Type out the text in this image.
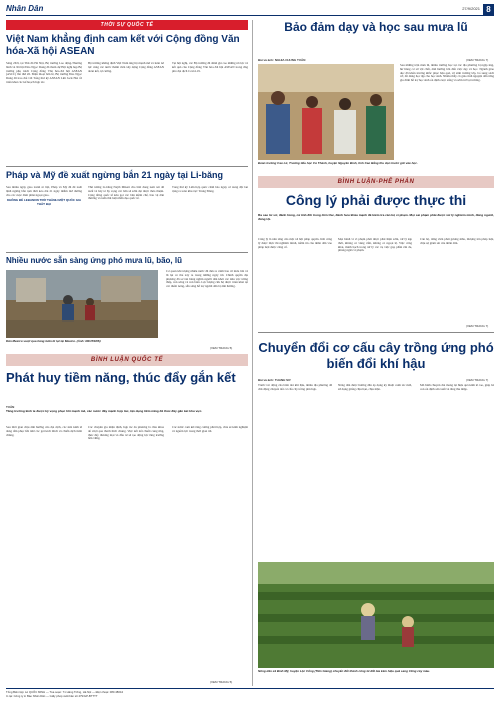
Nhân Dân	27/9/2021 8
THỜI SỰ QUỐC TẾ
Việt Nam khẳng định cam kết với Cộng đồng Văn hóa-Xã hội ASEAN
Sáng 26/9, tại Thủ đô Hà Nội, Bộ trưởng Lao động-Thương binh và Xã hội Đào Ngọc Dung đã tham dự Hội nghị hẹp Bộ trưởng phụ trách Cộng đồng Văn hóa-Xã hội ASEAN (ASCC) lần thứ 26. Điện thoại bên lề, Bộ trưởng Đào Ngọc Dung đã trao đổi với Tổng thư ký ASEAN Lim Jock Hoi về triển khai các kế hoạch hợp tác.
Bộ trưởng khẳng định Việt Nam ủng hộ mạnh mẽ và luôn nỗ lực cùng các nước thành viên xây dựng Cộng đồng ASEAN đoàn kết, tự cường.
Tại hội nghị, các Bộ trưởng đã đánh giá cao những nỗ lực và kết quả của Cộng đồng Văn hóa-Xã hội ASEAN trong ứng phó đại dịch Covid-19.
Pháp và Mỹ đề xuất ngừng bắn 21 ngày tại Li-băng
Sau nhiều ngày giao tranh ác liệt, Pháp và Mỹ đã đề xuất lệnh ngừng bắn tạm thời kéo dài 21 ngày nhằm mở đường cho các cuộc đàm phán ngoại giao.
KHÔNG ĐỂ LEBANON TRỞ THÀNH MỘT QUỐC GIA THẤT BẠI
Thủ tướng Li-băng Najib Mikati cho biết đang xem xét đề xuất và bày tỏ hy vọng các bên sẽ sớm đạt được thỏa thuận. Cộng đồng quốc tế kêu gọi các bên kiềm chế, bảo vệ dân thường và tuân thủ luật nhân đạo quốc tế.
Tổng thư ký Liên hợp quốc cảnh báo nguy cơ xung đột lan rộng ra toàn khu vực Trung Đông.
Nhiều nước sẵn sàng ứng phó mưa lũ, bão, lũ
Dân Mexico vượt qua hàng tuần lũ lụt tại Mexico. (Ảnh: REUTERS)
Cơ quan khí tượng nhiều nước đã đưa ra cảnh báo về mưa lớn và lũ lụt có thể xảy ra trong những ngày tới. Chính quyền địa phương đã sơ tán hàng nghìn người dân khỏi các khu vực trũng thấp, ven sông và ven biển. Lực lượng cứu hộ được triển khai tại các điểm nóng, sẵn sàng hỗ trợ người dân bị ảnh hưởng.
(XEM TRANG 5)
BÌNH LUẬN QUỐC TẾ
Phát huy tiềm năng, thúc đẩy gắn kết
TUẤN
Tăng trưởng kinh tế được kỳ vọng phục hồi mạnh mẽ, các nước đẩy mạnh hợp tác, tận dụng tiềm năng để thúc đẩy gắn kết khu vực.
Sau thời gian chịu ảnh hưởng của đại dịch, các nền kinh tế đang dần phục hồi nhờ các gói kích thích và chiến dịch tiêm chủng.
Các chuyên gia nhận định, hợp tác đa phương là chìa khóa để vượt qua thách thức chung. Việc kết nối chuỗi cung ứng, thúc đẩy thương mại và đầu tư sẽ tạo động lực tăng trưởng bền vững.
Các nước cam kết tăng cường phối hợp, chia sẻ kinh nghiệm và nguồn lực trong thời gian tới.
(XEM TRANG 5)
Bảo đảm dạy và học sau mưa lũ
Bài và ảnh: NGHIA CHUNG TUẤN	(XEM TRANG 7)
Sau những trận mưa lũ, nhiều trường học tại các địa phương bị ngập úng, hư hỏng cơ sở vật chất, ảnh hưởng lớn đến việc dạy và học. Ngành giáo dục đã khẩn trương khắc phục hậu quả, vệ sinh trường lớp, bổ sung sách vở, đồ dùng học tập cho học sinh. Nhiều thầy cô giáo tình nguyện đến từng gia đình hỗ trợ học sinh ổn định cuộc sống và sớm trở lại trường.
Đoàn trường Cao Lũ, Trường tiểu học Cù Thành, huyện Nguyên Bình, tỉnh Cao Bằng thu dọn trước giờ vào học.
BÌNH LUẬN-PHÊ PHÁN
Công lý phải được thực thi
Ra sao từ sớ, đánh hùng, cá tinh đồi trong đơn thư, đánh hưu khâu mạnh để kiểm tra cán bộ vi phạm. Mọi sai phạm phải được xử lý nghiêm minh, đúng người, đúng tội.
Công lý là nền tảng của một xã hội pháp quyền. Khi công lý được thực thi nghiêm minh, niềm tin của nhân dân vào pháp luật được củng cố.
Mọi hành vi vi phạm phải được phát hiện sớm, xử lý kịp thời, không có vùng cấm, không có ngoại lệ. Việc công khai, minh bạch trong xử lý các vụ việc góp phần răn đe, phòng ngừa vi phạm.
Cán bộ, đảng viên phải gương mẫu, thượng tôn pháp luật, chịu sự giám sát của nhân dân.
(XEM TRANG 7)
Chuyển đổi cơ cấu cây trồng ứng phó biến đổi khí hậu
Bài và ảnh: THANH SƠ	(XEM TRANG 7)
Trước tác động của biến đổi khí hậu, nhiều địa phương đã chủ động chuyển đổi cơ cấu cây trồng phù hợp.
Nông dân được hướng dẫn áp dụng kỹ thuật canh tác mới, sử dụng giống chịu hạn, chịu mặn.
Mô hình chuyển đổi mang lại hiệu quả kinh tế cao, giúp bà con ổn định sản xuất và tăng thu nhập.
Nông dân xã Bình Mỹ, huyện Lộc Cống (Tiền Giang) chuyển đổi thành công từ đất lúa kém hiệu quả sang trồng cây màu.
Tổng Biên tập: Lê QUỐC MINH — Tòa soạn: 71 Hàng Trống, Hà Nội — Điện thoại: 080.48044
In tại: Công ty in Báo Nhân Dân — Giấy phép xuất bản số 479/GP-BTTTT
